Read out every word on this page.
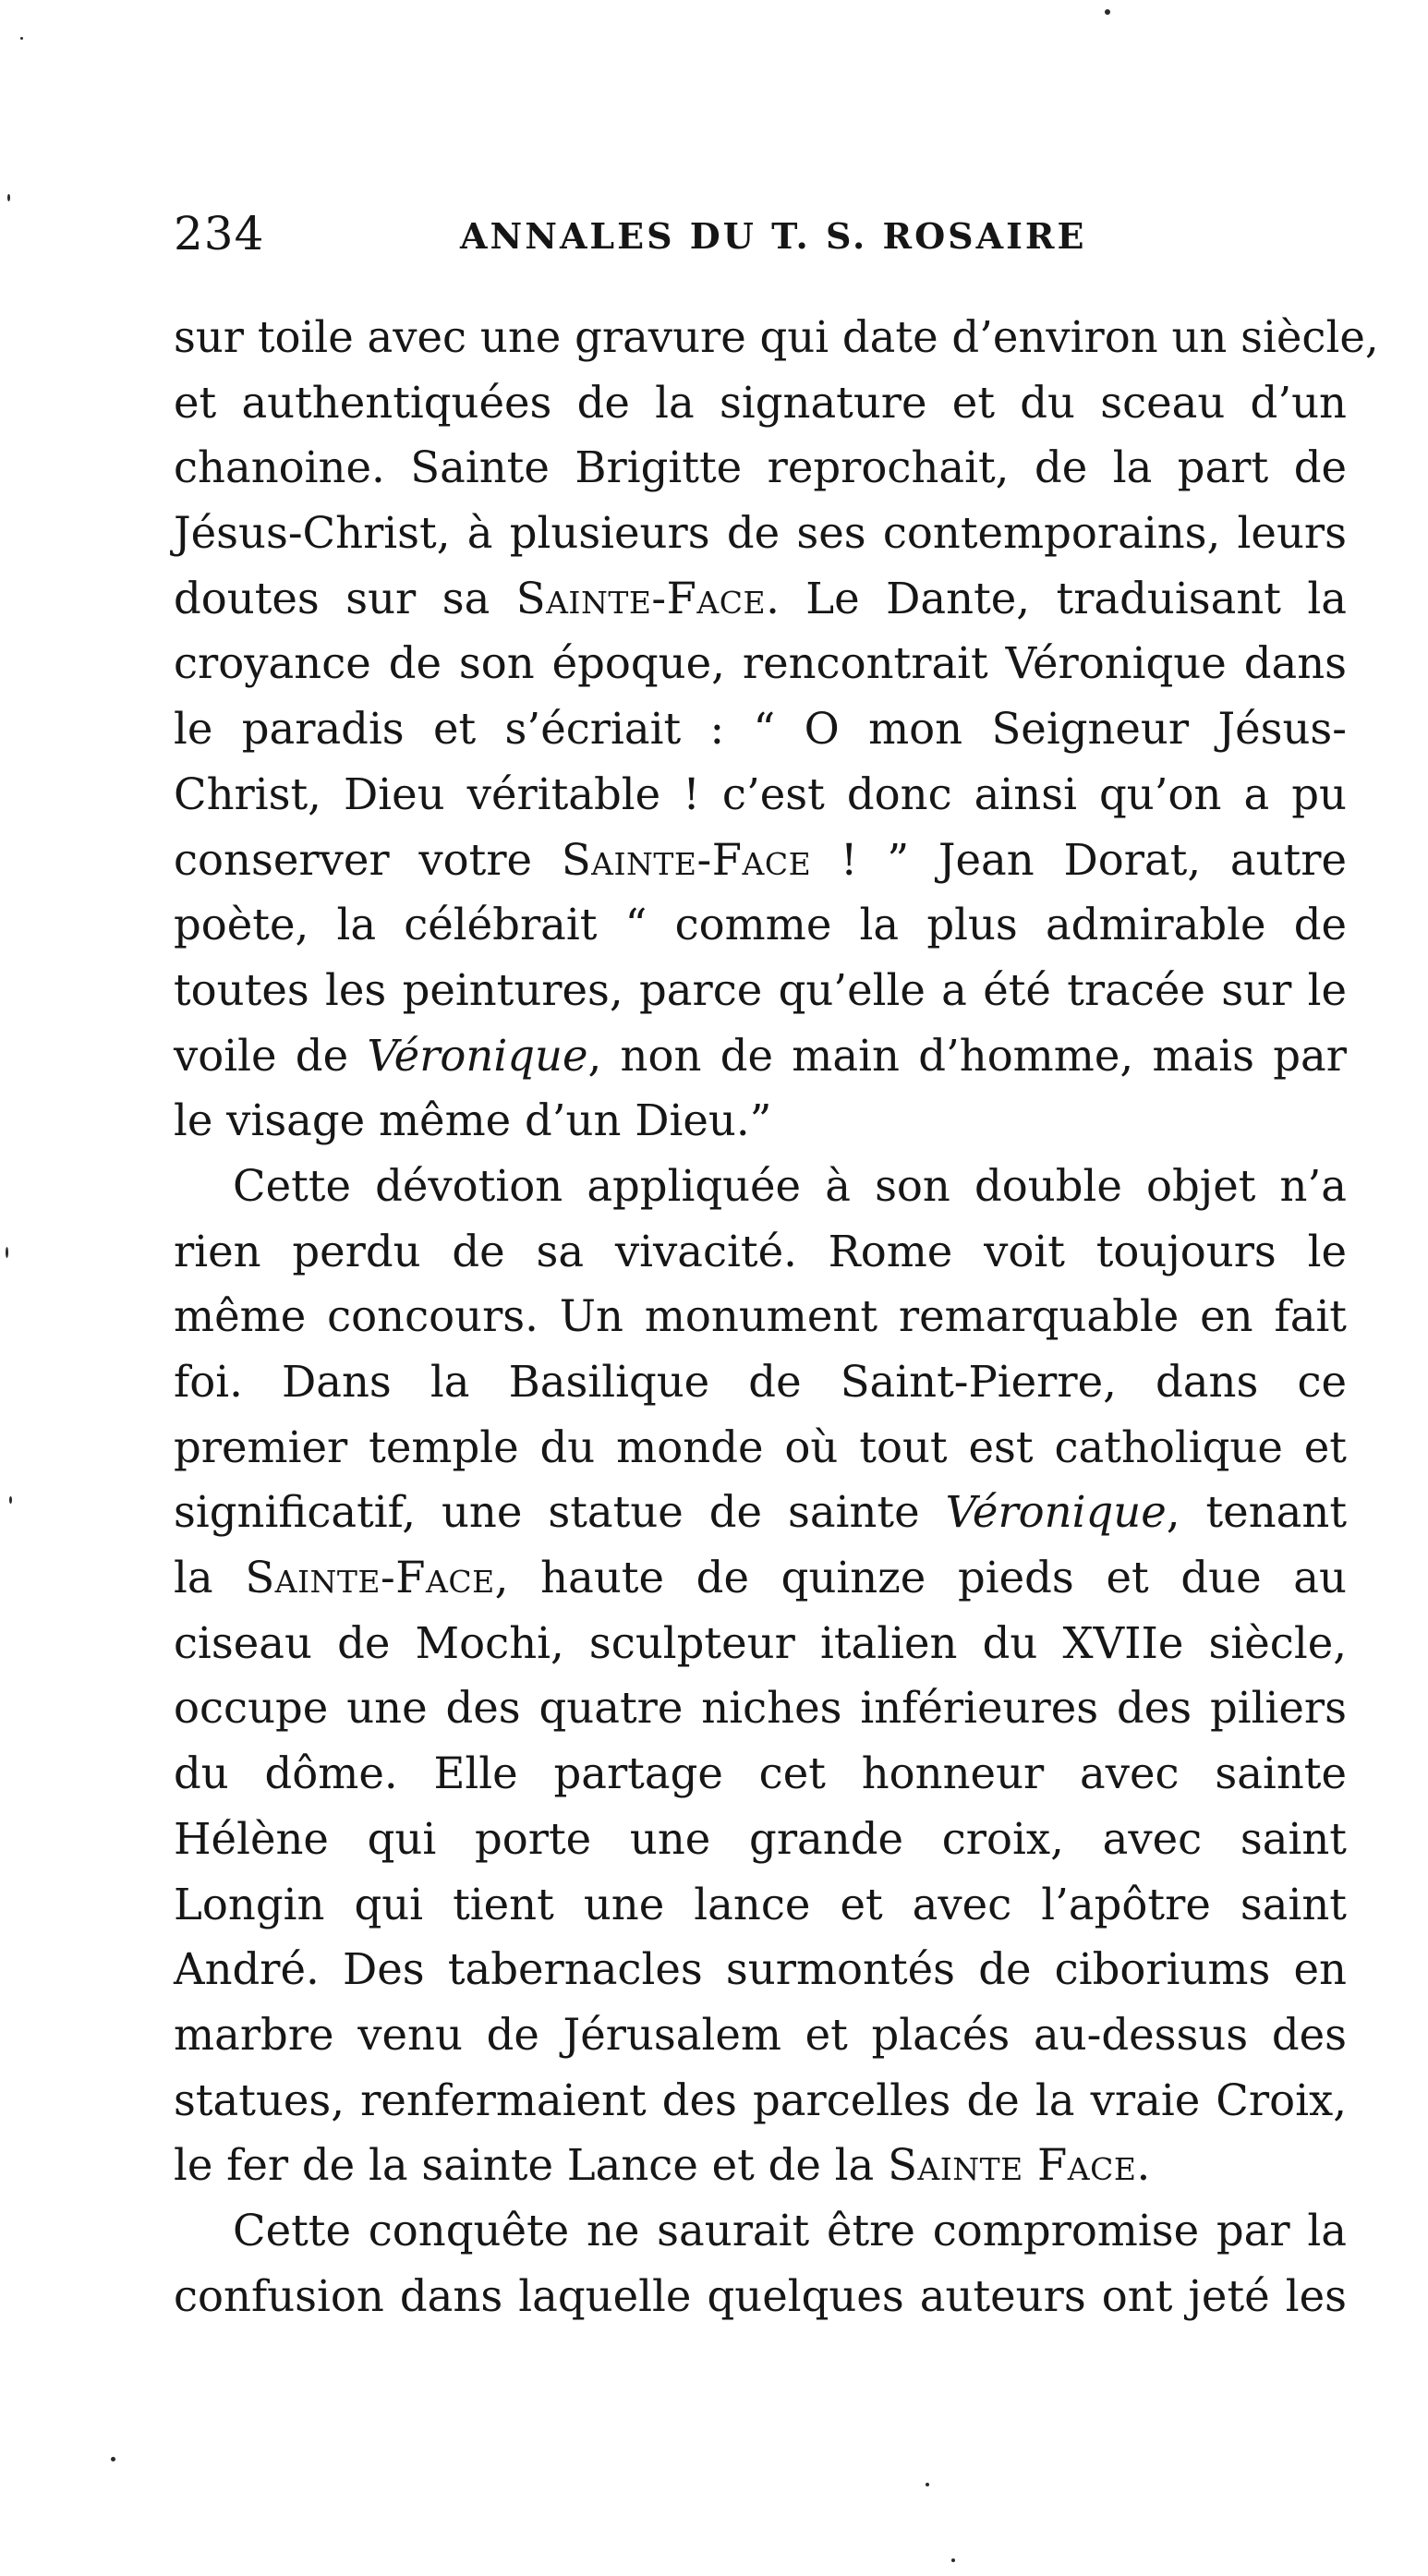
234	ANNALES DU T. S. ROSAIRE
sur toile avec une gravure qui date d’environ un siècle,
et authentiquées de la signature et du sceau d’un
chanoine. Sainte Brigitte reprochait, de la part de
Jésus-Christ, à plusieurs de ses contemporains, leurs
doutes sur sa Sainte-Face. Le Dante, traduisant la
croyance de son époque, rencontrait Véronique dans
le paradis et s’écriait : “ O mon Seigneur Jésus-
Christ, Dieu véritable ! c’est donc ainsi qu’on a pu
conserver votre Sainte-Face ! ” Jean Dorat, autre
poète, la célébrait “ comme la plus admirable de
toutes les peintures, parce qu’elle a été tracée sur le
voile de Véronique, non de main d’homme, mais par
le visage même d’un Dieu.”
Cette dévotion appliquée à son double objet n’a
rien perdu de sa vivacité. Rome voit toujours le
même concours. Un monument remarquable en fait
foi. Dans la Basilique de Saint-Pierre, dans ce
premier temple du monde où tout est catholique et
significatif, une statue de sainte Véronique, tenant
la Sainte-Face, haute de quinze pieds et due au
ciseau de Mochi, sculpteur italien du XVIIe siècle,
occupe une des quatre niches inférieures des piliers
du dôme. Elle partage cet honneur avec sainte
Hélène qui porte une grande croix, avec saint
Longin qui tient une lance et avec l’apôtre saint
André. Des tabernacles surmontés de ciboriums en
marbre venu de Jérusalem et placés au-dessus des
statues, renfermaient des parcelles de la vraie Croix,
le fer de la sainte Lance et de la Sainte Face.
Cette conquête ne saurait être compromise par la
confusion dans laquelle quelques auteurs ont jeté les
